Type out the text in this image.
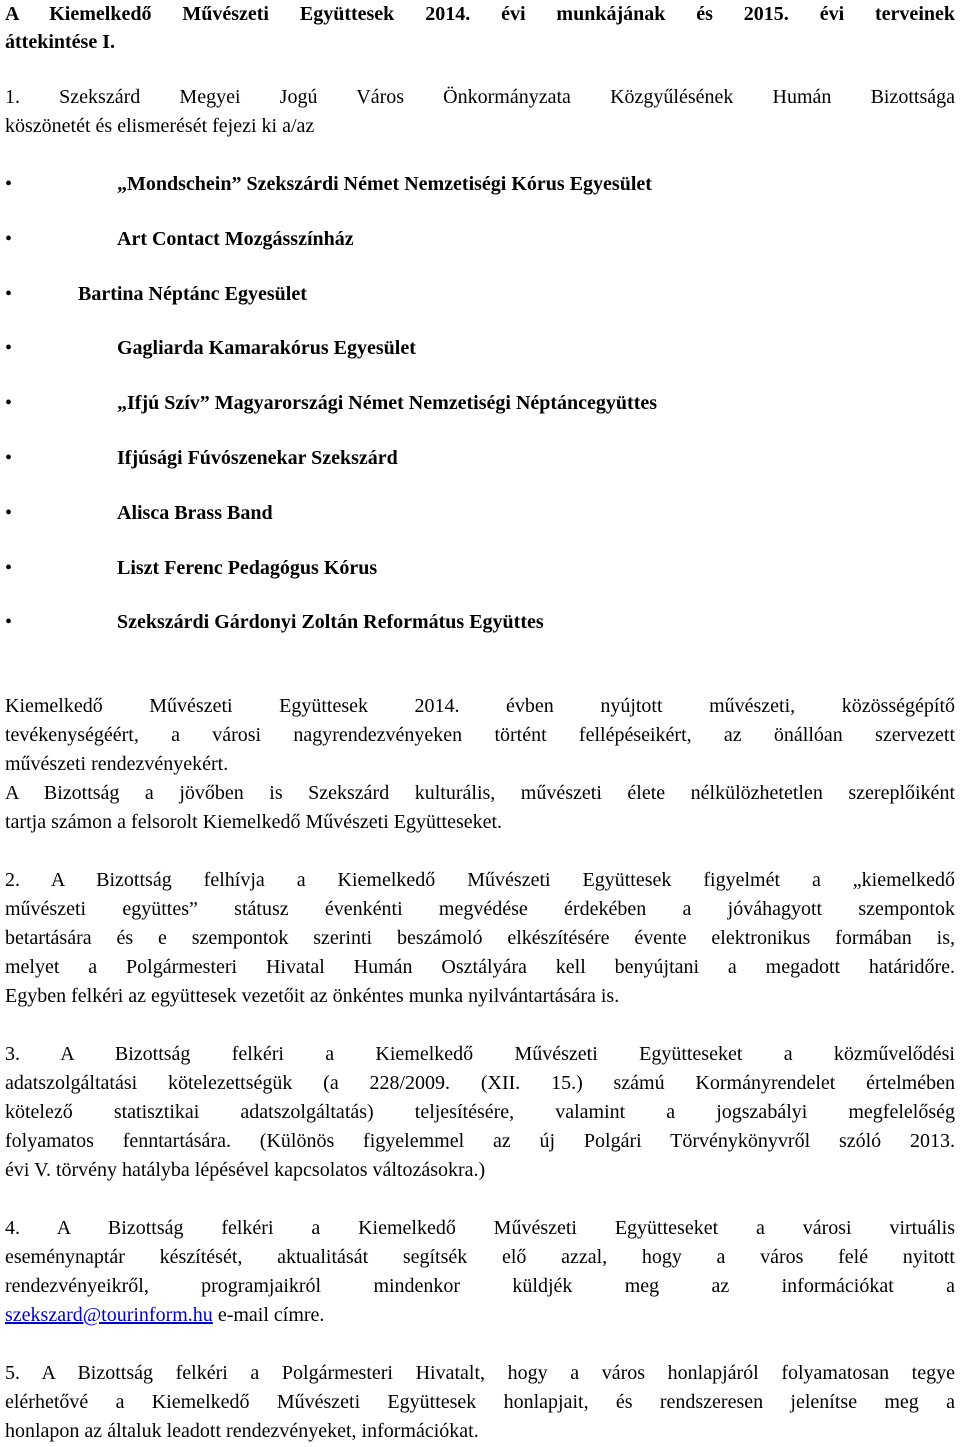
A Kiemelkedő Művészeti Együttesek 2014. évi munkájának és 2015. évi terveinek
áttekintése I.
1. Szekszárd Megyei Jogú Város Önkormányzata Közgyűlésének Humán Bizottsága
köszönetét és elismerését fejezi ki a/az
•	„Mondschein” Szekszárdi Német Nemzetiségi Kórus Egyesület
•	Art Contact Mozgásszínház
•	Bartina Néptánc Egyesület
•	Gagliarda Kamarakórus Egyesület
•	„Ifjú Szív” Magyarországi Német Nemzetiségi Néptáncegyüttes
•	Ifjúsági Fúvószenekar Szekszárd
•	Alisca Brass Band
•	Liszt Ferenc Pedagógus Kórus
•	Szekszárdi Gárdonyi Zoltán Református Együttes
Kiemelkedő Művészeti Együttesek 2014. évben nyújtott művészeti, közösségépítő
tevékenységéért, a városi nagyrendezvényeken történt fellépéseikért, az önállóan szervezett
művészeti rendezvényekért.
A Bizottság a jövőben is Szekszárd kulturális, művészeti élete nélkülözhetetlen szereplőiként
tartja számon a felsorolt Kiemelkedő Művészeti Együtteseket.
2. A Bizottság felhívja a Kiemelkedő Művészeti Együttesek figyelmét a „kiemelkedő
művészeti együttes” státusz évenkénti megvédése érdekében a jóváhagyott szempontok
betartására és e szempontok szerinti beszámoló elkészítésére évente elektronikus formában is,
melyet a Polgármesteri Hivatal Humán Osztályára kell benyújtani a megadott határidőre.
Egyben felkéri az együttesek vezetőit az önkéntes munka nyilvántartására is.
3. A Bizottság felkéri a Kiemelkedő Művészeti Együtteseket a közművelődési
adatszolgáltatási kötelezettségük (a 228/2009. (XII. 15.) számú Kormányrendelet értelmében
kötelező statisztikai adatszolgáltatás) teljesítésére, valamint a jogszabályi megfelelőség
folyamatos fenntartására. (Különös figyelemmel az új Polgári Törvénykönyvről szóló 2013.
évi V. törvény hatályba lépésével kapcsolatos változásokra.)
4. A Bizottság felkéri a Kiemelkedő Művészeti Együtteseket a városi virtuális
eseménynaptár készítését, aktualitását segítsék elő azzal, hogy a város felé nyitott
rendezvényeikről, programjaikról mindenkor küldjék meg az információkat a
szekszard@tourinform.hu e-mail címre.
5. A Bizottság felkéri a Polgármesteri Hivatalt, hogy a város honlapjáról folyamatosan tegye
elérhetővé a Kiemelkedő Művészeti Együttesek honlapjait, és rendszeresen jelenítse meg a
honlapon az általuk leadott rendezvényeket, információkat.
